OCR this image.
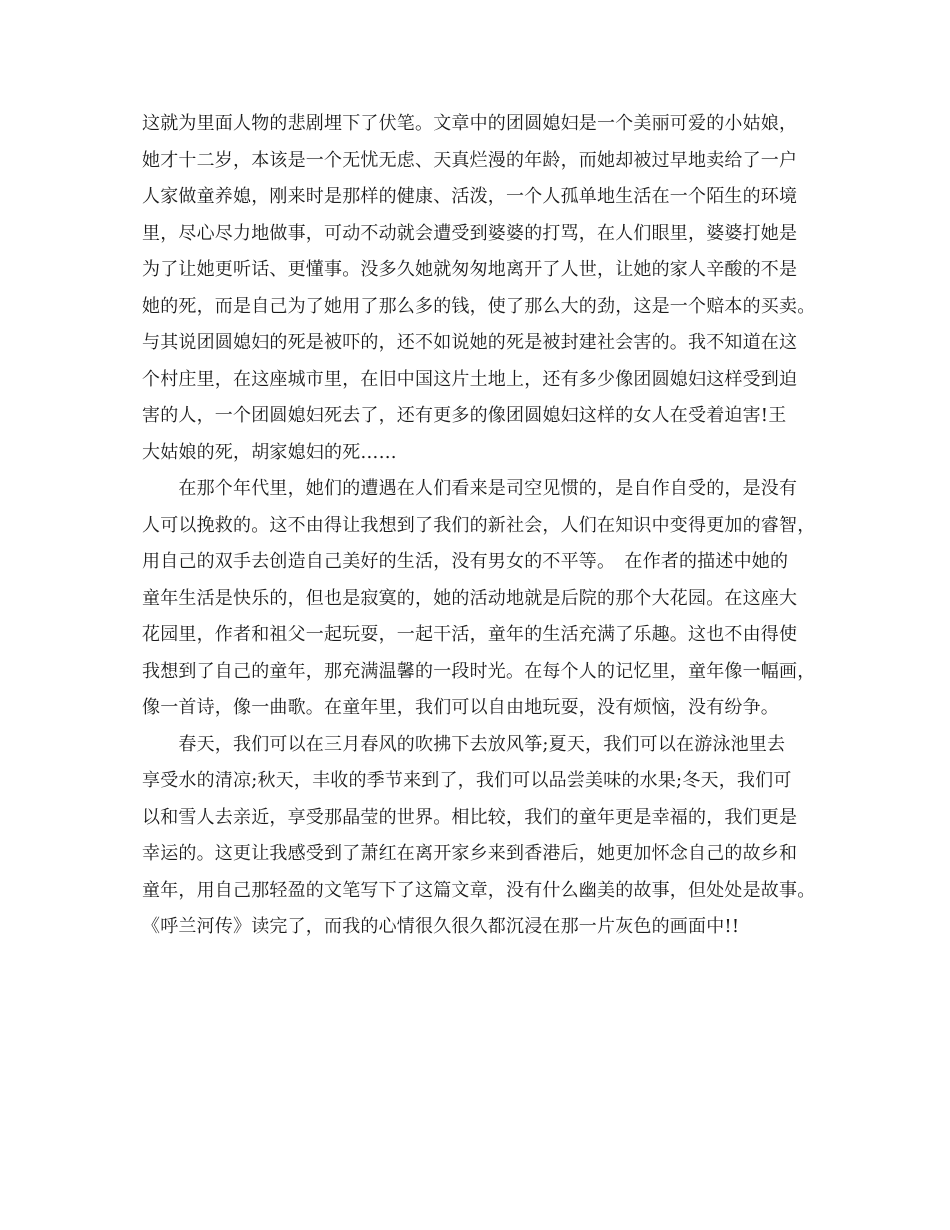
这就为里面人物的悲剧埋下了伏笔。文章中的团圆媳妇是一个美丽可爱的小姑娘，
她才十二岁，本该是一个无忧无虑、天真烂漫的年龄，而她却被过早地卖给了一户
人家做童养媳，刚来时是那样的健康、活泼，一个人孤单地生活在一个陌生的环境
里，尽心尽力地做事，可动不动就会遭受到婆婆的打骂，在人们眼里，婆婆打她是
为了让她更听话、更懂事。没多久她就匆匆地离开了人世，让她的家人辛酸的不是
她的死，而是自己为了她用了那么多的钱，使了那么大的劲，这是一个赔本的买卖。
与其说团圆媳妇的死是被吓的，还不如说她的死是被封建社会害的。我不知道在这
个村庄里，在这座城市里，在旧中国这片土地上，还有多少像团圆媳妇这样受到迫
害的人，一个团圆媳妇死去了，还有更多的像团圆媳妇这样的女人在受着迫害!王
大姑娘的死，胡家媳妇的死……
　　在那个年代里，她们的遭遇在人们看来是司空见惯的，是自作自受的，是没有
人可以挽救的。这不由得让我想到了我们的新社会，人们在知识中变得更加的睿智，
用自己的双手去创造自己美好的生活，没有男女的不平等。　在作者的描述中她的
童年生活是快乐的，但也是寂寞的，她的活动地就是后院的那个大花园。在这座大
花园里，作者和祖父一起玩耍，一起干活，童年的生活充满了乐趣。这也不由得使
我想到了自己的童年，那充满温馨的一段时光。在每个人的记忆里，童年像一幅画，
像一首诗，像一曲歌。在童年里，我们可以自由地玩耍，没有烦恼，没有纷争。
　　春天，我们可以在三月春风的吹拂下去放风筝;夏天，我们可以在游泳池里去
享受水的清凉;秋天，丰收的季节来到了，我们可以品尝美味的水果;冬天，我们可
以和雪人去亲近，享受那晶莹的世界。相比较，我们的童年更是幸福的，我们更是
幸运的。这更让我感受到了萧红在离开家乡来到香港后，她更加怀念自己的故乡和
童年，用自己那轻盈的文笔写下了这篇文章，没有什么幽美的故事，但处处是故事。
《呼兰河传》读完了，而我的心情很久很久都沉浸在那一片灰色的画面中!!
